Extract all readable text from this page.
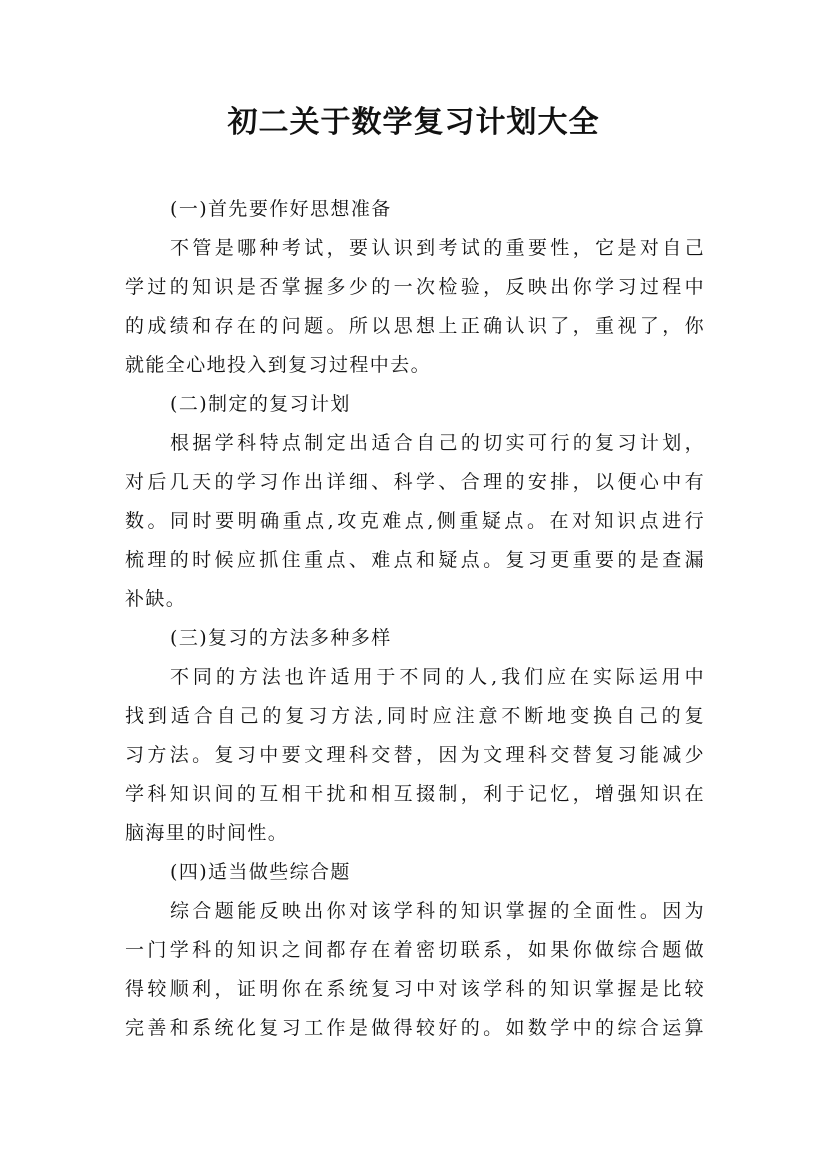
初二关于数学复习计划大全

(一)首先要作好思想准备

不管是哪种考试，要认识到考试的重要性，它是对自己

学过的知识是否掌握多少的一次检验，反映出你学习过程中

的成绩和存在的问题。所以思想上正确认识了，重视了，你

就能全心地投入到复习过程中去。

(二)制定的复习计划

根据学科特点制定出适合自己的切实可行的复习计划，

对后几天的学习作出详细、科学、合理的安排，以便心中有

数。同时要明确重点,攻克难点,侧重疑点。在对知识点进行

梳理的时候应抓住重点、难点和疑点。复习更重要的是查漏

补缺。

(三)复习的方法多种多样

不同的方法也许适用于不同的人,我们应在实际运用中

找到适合自己的复习方法,同时应注意不断地变换自己的复

习方法。复习中要文理科交替，因为文理科交替复习能减少

学科知识间的互相干扰和相互掇制，利于记忆，增强知识在

脑海里的时间性。

(四)适当做些综合题

综合题能反映出你对该学科的知识掌握的全面性。因为

一门学科的知识之间都存在着密切联系，如果你做综合题做

得较顺利，证明你在系统复习中对该学科的知识掌握是比较

完善和系统化复习工作是做得较好的。如数学中的综合运算
